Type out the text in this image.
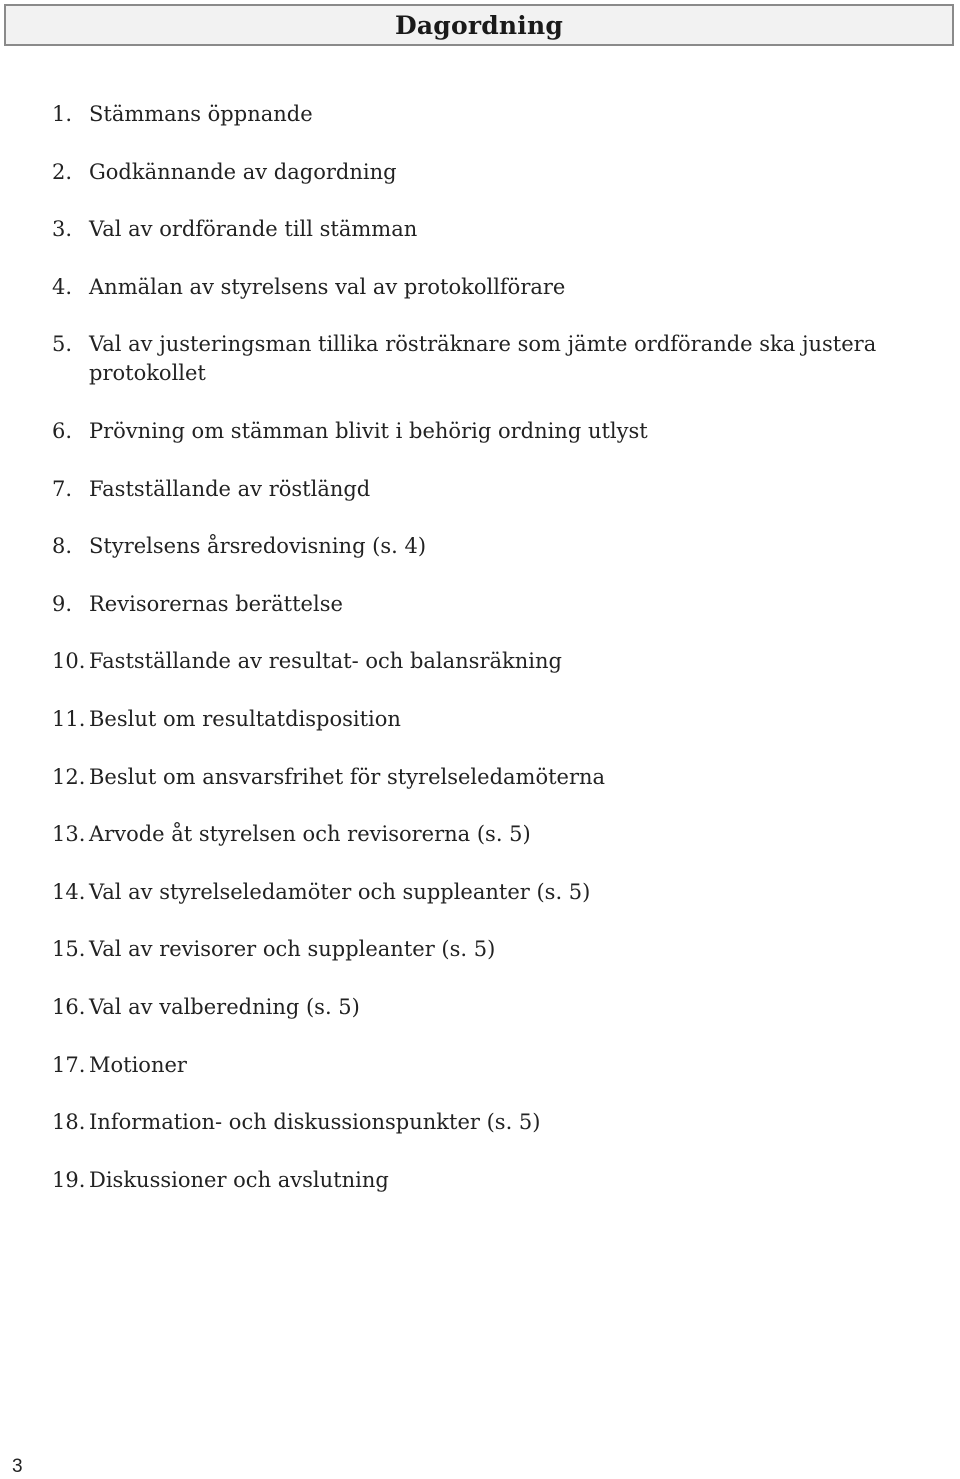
Dagordning
1. Stämmans öppnande
2. Godkännande av dagordning
3. Val av ordförande till stämman
4. Anmälan av styrelsens val av protokollförare
5. Val av justeringsman tillika rösträknare som jämte ordförande ska justera protokollet
6. Prövning om stämman blivit i behörig ordning utlyst
7. Fastställande av röstlängd
8. Styrelsens årsredovisning (s. 4)
9. Revisorernas berättelse
10. Fastställande av resultat- och balansräkning
11. Beslut om resultatdisposition
12. Beslut om ansvarsfrihet för styrelseledamöterna
13. Arvode åt styrelsen och revisorerna (s. 5)
14. Val av styrelseledamöter och suppleanter (s. 5)
15. Val av revisorer och suppleanter (s. 5)
16. Val av valberedning (s. 5)
17. Motioner
18. Information- och diskussionspunkter (s. 5)
19. Diskussioner och avslutning
3
